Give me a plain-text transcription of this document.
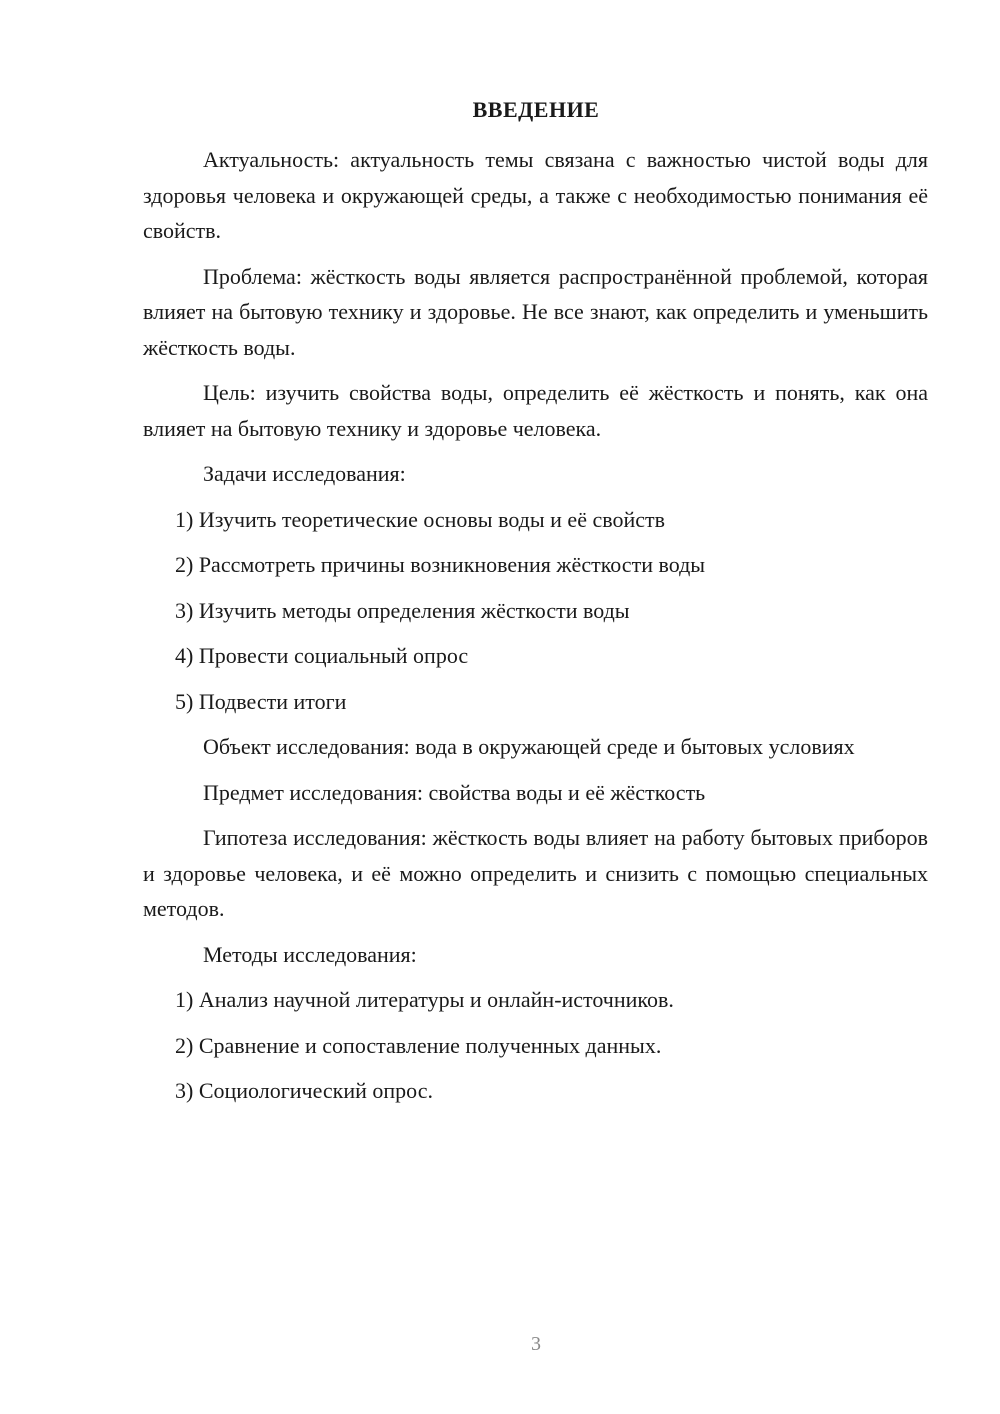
ВВЕДЕНИЕ

Актуальность: актуальность темы связана с важностью чистой воды для здоровья человека и окружающей среды, а также с необходимостью понимания её свойств.

Проблема: жёсткость воды является распространённой проблемой, которая влияет на бытовую технику и здоровье. Не все знают, как определить и уменьшить жёсткость воды.

Цель: изучить свойства воды, определить её жёсткость и понять, как она влияет на бытовую технику и здоровье человека.

Задачи исследования:

1) Изучить теоретические основы воды и её свойств
2) Рассмотреть причины возникновения жёсткости воды
3) Изучить методы определения жёсткости воды
4) Провести социальный опрос
5) Подвести итоги

Объект исследования: вода в окружающей среде и бытовых условиях

Предмет исследования: свойства воды и её жёсткость

Гипотеза исследования: жёсткость воды влияет на работу бытовых приборов и здоровье человека, и её можно определить и снизить с помощью специальных методов.

Методы исследования:

1) Анализ научной литературы и онлайн-источников.
2) Сравнение и сопоставление полученных данных.
3) Социологический опрос.
3
